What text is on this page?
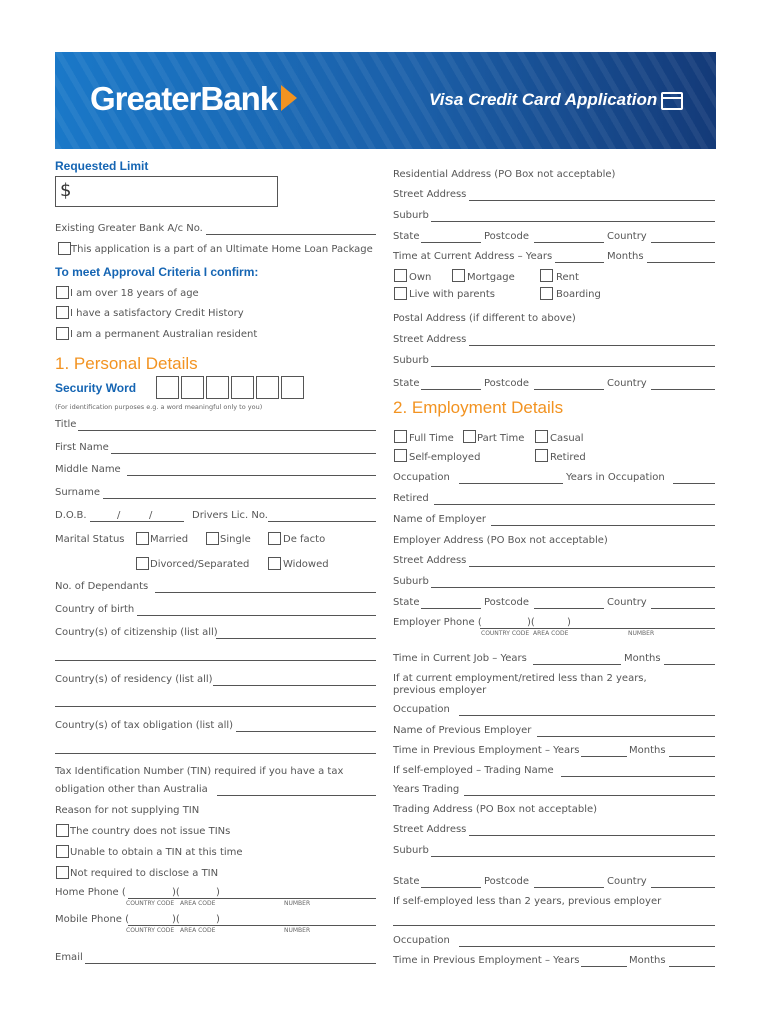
GreaterBank	Visa Credit Card Application
Requested Limit
$
Existing Greater Bank A/c No.
This application is a part of an Ultimate Home Loan Package
To meet Approval Criteria I confirm:
I am over 18 years of age
I have a satisfactory Credit History
I am a permanent Australian resident
1. Personal Details
Security Word
(For identification purposes e.g. a word meaningful only to you)
Title
First Name
Middle Name
Surname
D.O.B.	/	/	Drivers Lic. No.
Marital Status	Married	Single	De facto
Divorced/Separated	Widowed
No. of Dependants
Country of birth
Country(s) of citizenship (list all)
Country(s) of residency (list all)
Country(s) of tax obligation (list all)
Tax Identification Number (TIN) required if you have a tax
obligation other than Australia
Reason for not supplying TIN
The country does not issue TINs
Unable to obtain a TIN at this time
Not required to disclose a TIN
Home Phone (	)(	)
COUNTRY CODE AREA CODE	NUMBER
Mobile Phone (	)(	)
COUNTRY CODE AREA CODE	NUMBER
Email
Residential Address (PO Box not acceptable)
Street Address
Suburb
State	Postcode	Country
Time at Current Address – Years	Months
Own	Mortgage	Rent
Live with parents	Boarding
Postal Address (if different to above)
Street Address
Suburb
State	Postcode	Country
2. Employment Details
Full Time Part Time	Casual
Self-employed	Retired
Occupation	Years in Occupation
Retired
Name of Employer
Employer Address (PO Box not acceptable)
Street Address
Suburb
State	Postcode	Country
Employer Phone (	)(	)
COUNTRY CODE AREA CODE	NUMBER
Time in Current Job – Years	Months
If at current employment/retired less than 2 years,
previous employer
Occupation
Name of Previous Employer
Time in Previous Employment – Years	Months
If self-employed – Trading Name
Years Trading
Trading Address (PO Box not acceptable)
Street Address
Suburb
State	Postcode	Country
If self-employed less than 2 years, previous employer
Occupation
Time in Previous Employment – Years	Months
